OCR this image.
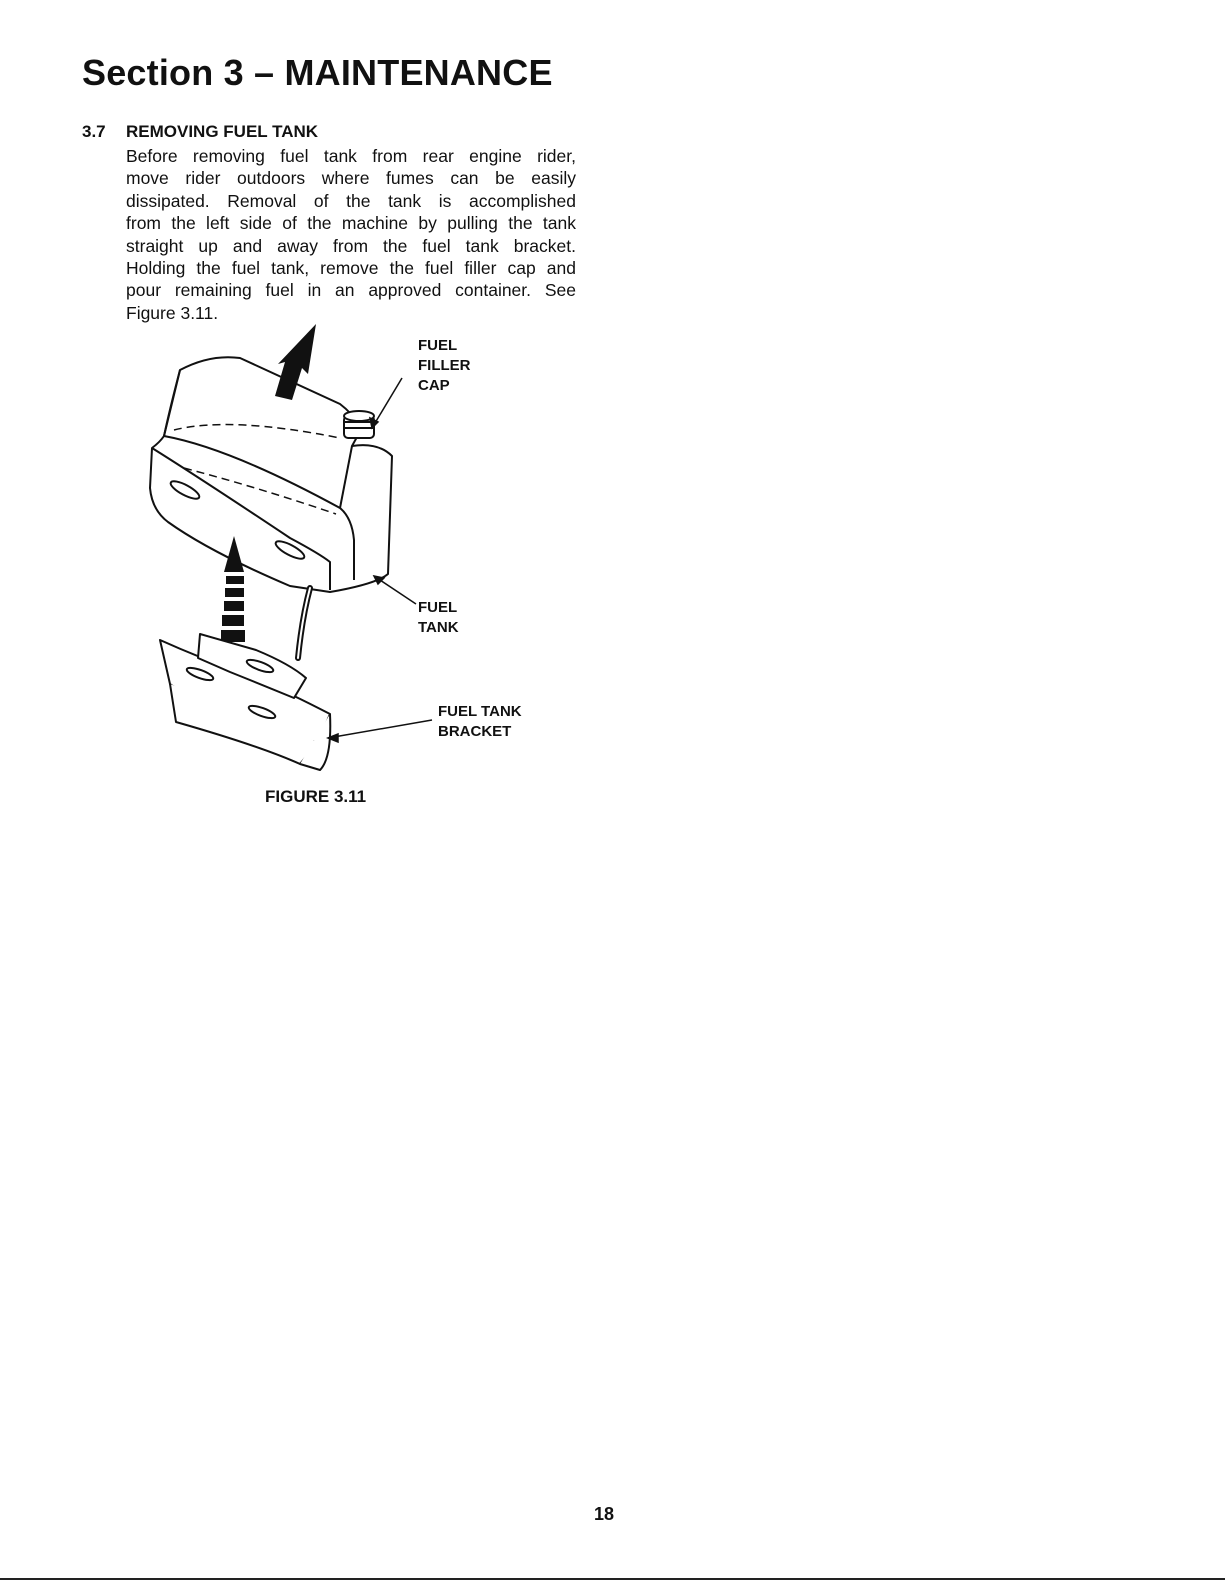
Section 3 – MAINTENANCE
3.7 REMOVING FUEL TANK

Before removing fuel tank from rear engine rider,
move rider outdoors where fumes can be easily
dissipated. Removal of the tank is accomplished
from the left side of the machine by pulling the tank
straight up and away from the fuel tank bracket.
Holding the fuel tank, remove the fuel filler cap and
pour remaining fuel in an approved container. See
Figure 3.11.

FUEL
FILLER
CAP
FUEL
TANK
FUEL TANK
BRACKET
FIGURE 3.11
18
